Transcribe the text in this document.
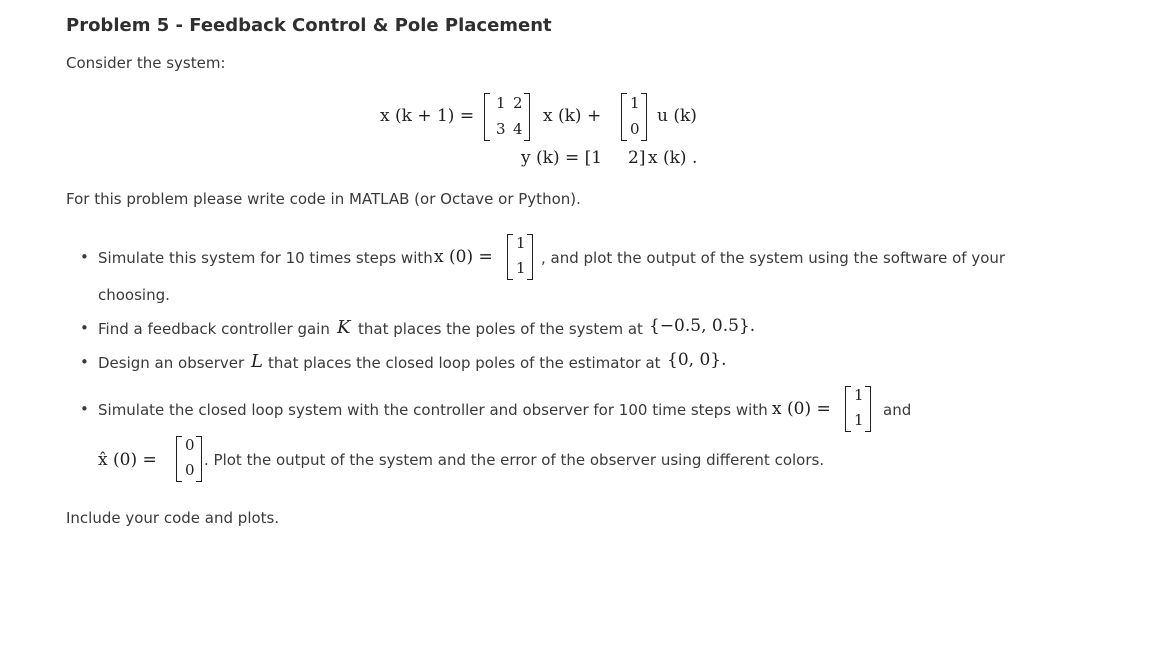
Problem 5 - Feedback Control & Pole Placement
Consider the system:
x (k + 1) =
1 2
3 4
x (k) +
1
0
u (k)
y (k) = [1 2] x (k) .
For this problem please write code in MATLAB (or Octave or Python).
• Simulate this system for 10 times steps with x (0) =
1
1
, and plot the output of the system using the software of your
choosing.
• Find a feedback controller gain K that places the poles of the system at {−0.5, 0.5}.
• Design an observer L that places the closed loop poles of the estimator at {0, 0}.
• Simulate the closed loop system with the controller and observer for 100 time steps with x (0) =
1
1
and
x̂ (0) =
0
0
. Plot the output of the system and the error of the observer using different colors.
Include your code and plots.
